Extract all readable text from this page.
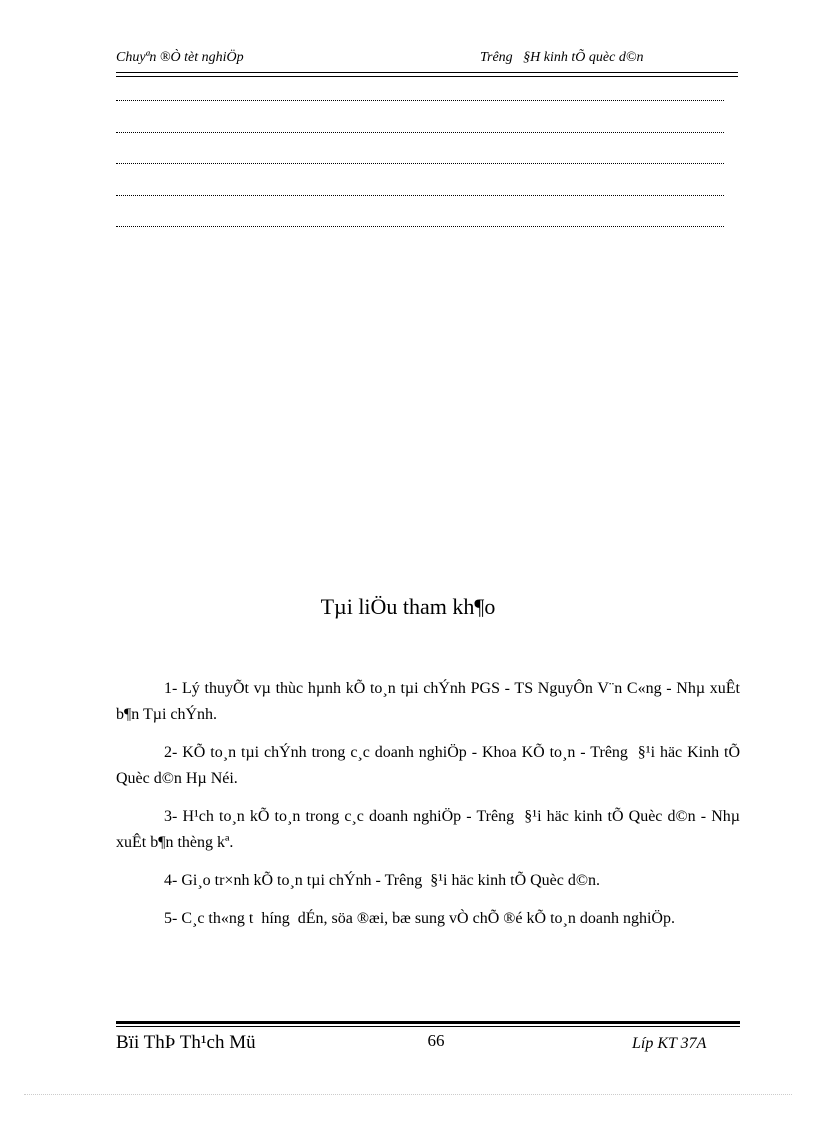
Chuyªn ®Ò tèt nghiÖp	Trêng   §H kinh tÕ quèc d©n
Tµi liÖu tham kh¶o

1- Lý thuyÕt vµ thùc hµnh kÕ to¸n tµi chÝnh PGS - TS NguyÔn V¨n C«ng - Nhµ xuÊt b¶n Tµi chÝnh.

2- KÕ to¸n tµi chÝnh trong c¸c doanh nghiÖp - Khoa KÕ to¸n - Trêng  §¹i häc Kinh tÕ Quèc d©n Hµ Néi.

3- H¹ch to¸n kÕ to¸n trong c¸c doanh nghiÖp - Trêng  §¹i häc kinh tÕ Quèc d©n - Nhµ xuÊt b¶n thèng kª.

4- Gi¸o tr×nh kÕ to¸n tµi chÝnh - Trêng  §¹i häc kinh tÕ Quèc d©n.

5- C¸c th«ng t  híng  dÉn, söa ®æi, bæ sung vÒ chÕ ®é kÕ to¸n doanh nghiÖp.

Bïi ThÞ Th¹ch Mü	66	Líp KT 37A
